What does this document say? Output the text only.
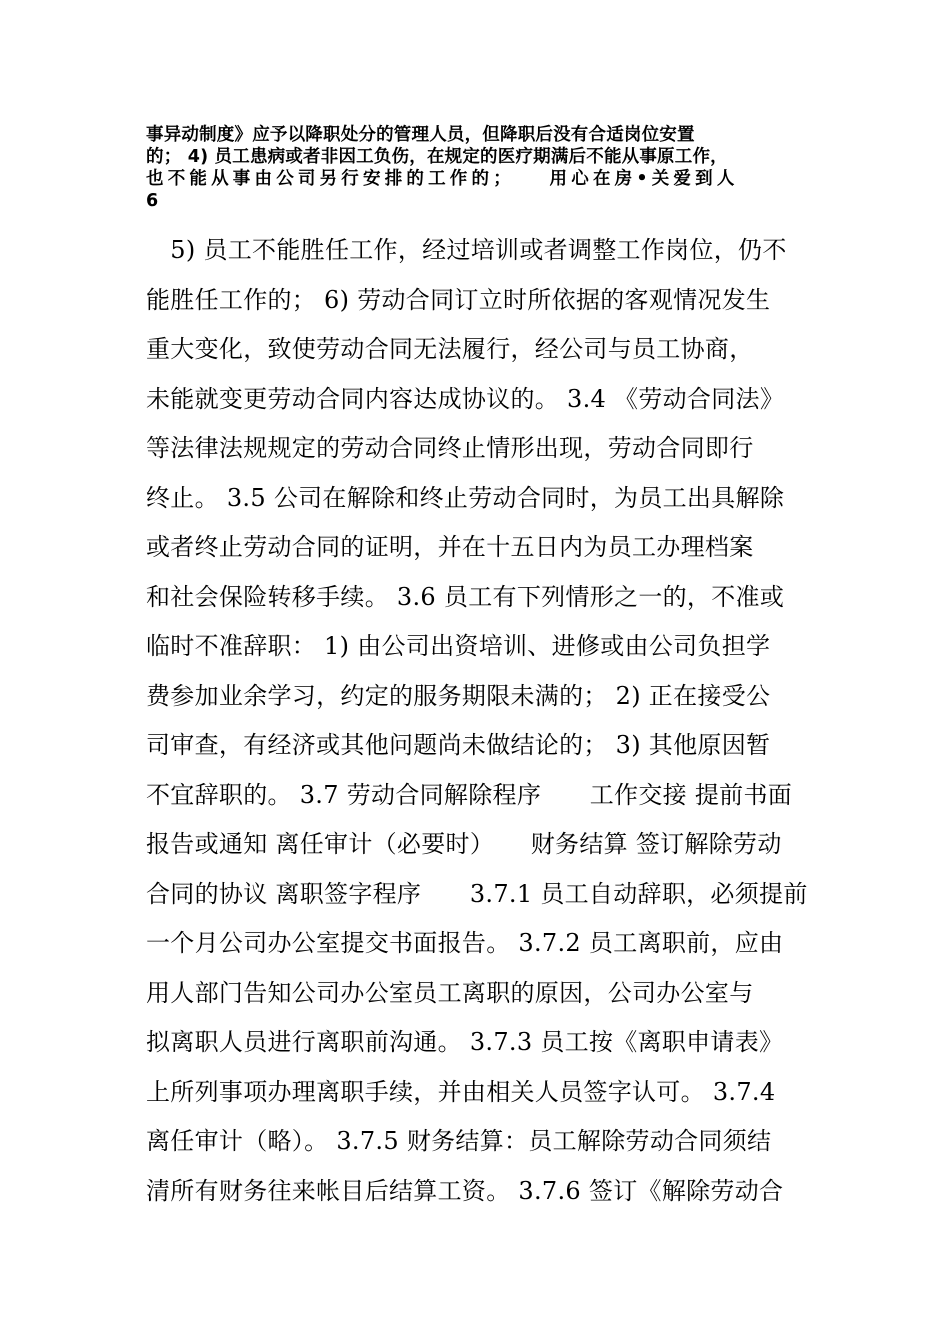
事异动制度》应予以降职处分的管理人员，但降职后没有合适岗位安置
的； 4) 员工患病或者非因工负伤，在规定的医疗期满后不能从事原工作，
也不能从事由公司另行安排的工作的；　　用心在房•关爱到人
6
　5) 员工不能胜任工作，经过培训或者调整工作岗位，仍不
能胜任工作的； 6) 劳动合同订立时所依据的客观情况发生
重大变化，致使劳动合同无法履行，经公司与员工协商，
未能就变更劳动合同内容达成协议的。 3.4 《劳动合同法》
等法律法规规定的劳动合同终止情形出现，劳动合同即行
终止。 3.5 公司在解除和终止劳动合同时，为员工出具解除
或者终止劳动合同的证明，并在十五日内为员工办理档案
和社会保险转移手续。 3.6 员工有下列情形之一的，不准或
临时不准辞职： 1) 由公司出资培训、进修或由公司负担学
费参加业余学习，约定的服务期限未满的； 2) 正在接受公
司审查，有经济或其他问题尚未做结论的； 3) 其他原因暂
不宜辞职的。 3.7 劳动合同解除程序　　工作交接 提前书面
报告或通知 离任审计（必要时）　　财务结算 签订解除劳动
合同的协议 离职签字程序　　3.7.1 员工自动辞职，必须提前
一个月公司办公室提交书面报告。 3.7.2 员工离职前，应由
用人部门告知公司办公室员工离职的原因，公司办公室与
拟离职人员进行离职前沟通。 3.7.3 员工按《离职申请表》
上所列事项办理离职手续，并由相关人员签字认可。 3.7.4
离任审计（略）。 3.7.5 财务结算：员工解除劳动合同须结
清所有财务往来帐目后结算工资。 3.7.6 签订《解除劳动合
